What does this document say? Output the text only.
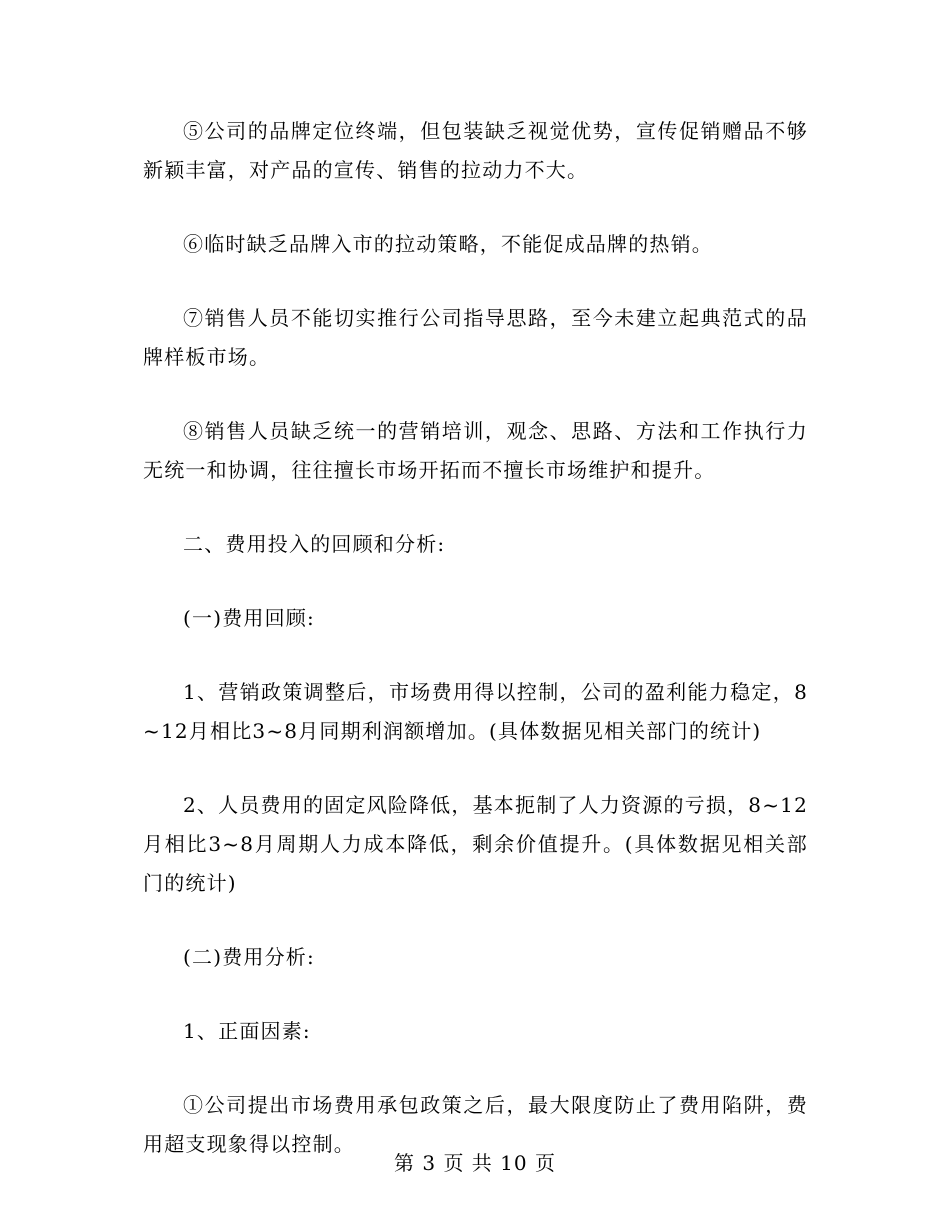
⑤公司的品牌定位终端，但包装缺乏视觉优势，宣传促销赠品不够新颖丰富，对产品的宣传、销售的拉动力不大。

⑥临时缺乏品牌入市的拉动策略，不能促成品牌的热销。

⑦销售人员不能切实推行公司指导思路，至今未建立起典范式的品牌样板市场。

⑧销售人员缺乏统一的营销培训，观念、思路、方法和工作执行力无统一和协调，往往擅长市场开拓而不擅长市场维护和提升。

二、费用投入的回顾和分析:

(一)费用回顾:

1、营销政策调整后，市场费用得以控制，公司的盈利能力稳定，8~12月相比3~8月同期利润额增加。(具体数据见相关部门的统计)

2、人员费用的固定风险降低，基本扼制了人力资源的亏损，8~12月相比3~8月周期人力成本降低，剩余价值提升。(具体数据见相关部门的统计)

(二)费用分析:

1、正面因素:

①公司提出市场费用承包政策之后，最大限度防止了费用陷阱，费用超支现象得以控制。

第 3 页 共 10 页
